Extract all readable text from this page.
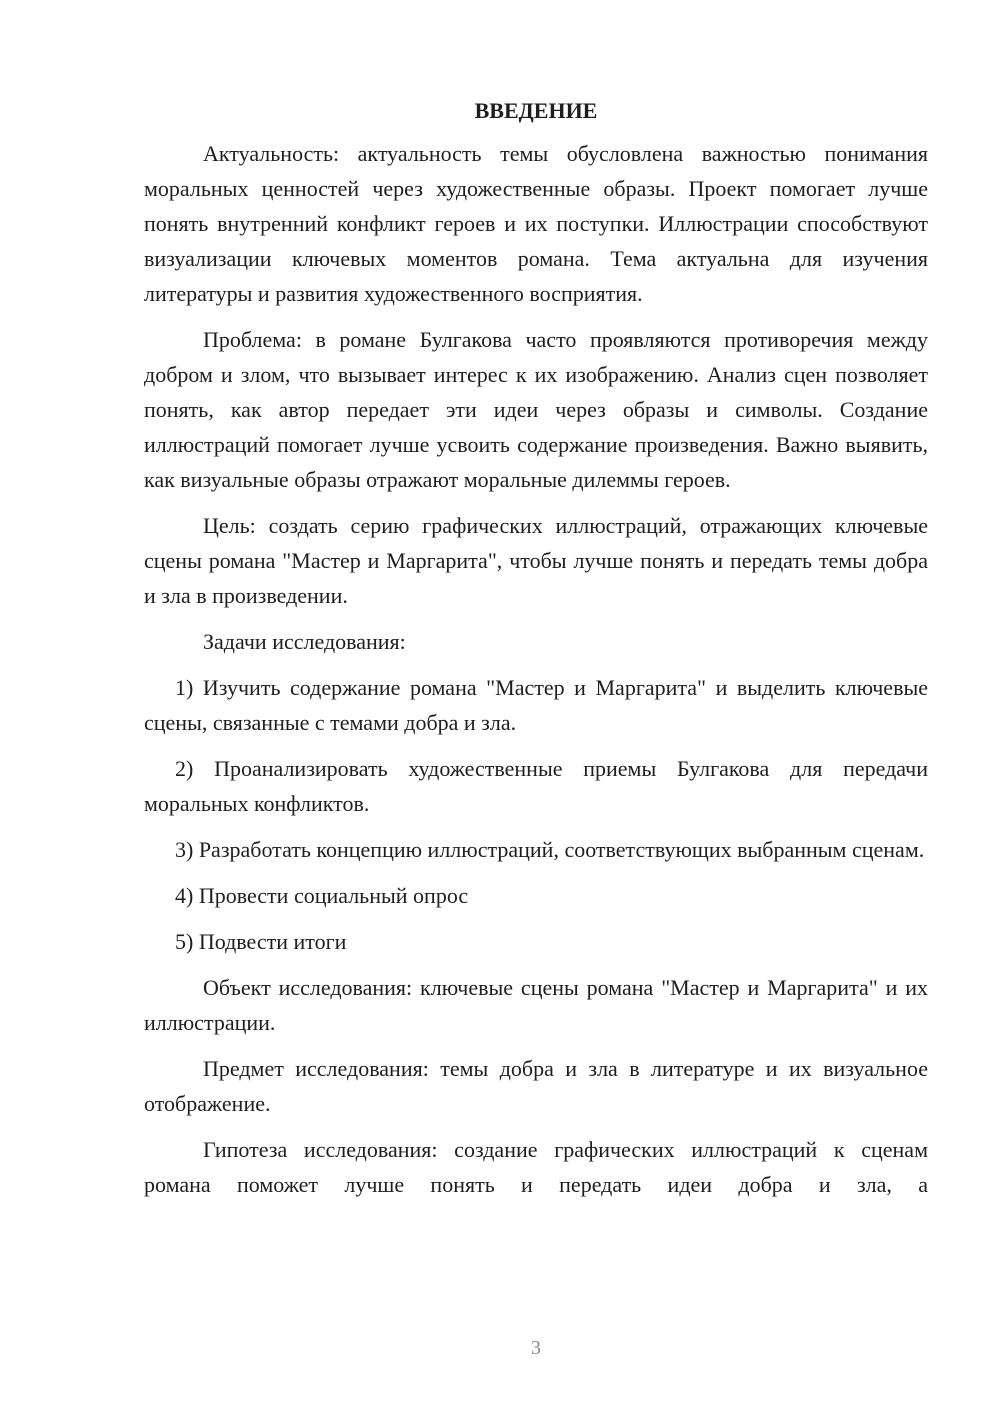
ВВЕДЕНИЕ

Актуальность: актуальность темы обусловлена важностью понимания моральных ценностей через художественные образы. Проект помогает лучше понять внутренний конфликт героев и их поступки. Иллюстрации способствуют визуализации ключевых моментов романа. Тема актуальна для изучения литературы и развития художественного восприятия.

Проблема: в романе Булгакова часто проявляются противоречия между добром и злом, что вызывает интерес к их изображению. Анализ сцен позволяет понять, как автор передает эти идеи через образы и символы. Создание иллюстраций помогает лучше усвоить содержание произведения. Важно выявить, как визуальные образы отражают моральные дилеммы героев.

Цель: создать серию графических иллюстраций, отражающих ключевые сцены романа "Мастер и Маргарита", чтобы лучше понять и передать темы добра и зла в произведении.

Задачи исследования:

1) Изучить содержание романа "Мастер и Маргарита" и выделить ключевые сцены, связанные с темами добра и зла.

2) Проанализировать художественные приемы Булгакова для передачи моральных конфликтов.

3) Разработать концепцию иллюстраций, соответствующих выбранным сценам.

4) Провести социальный опрос

5) Подвести итоги

Объект исследования: ключевые сцены романа "Мастер и Маргарита" и их иллюстрации.

Предмет исследования: темы добра и зла в литературе и их визуальное отображение.

Гипотеза исследования: создание графических иллюстраций к сценам романа поможет лучше понять и передать идеи добра и зла, а

3
